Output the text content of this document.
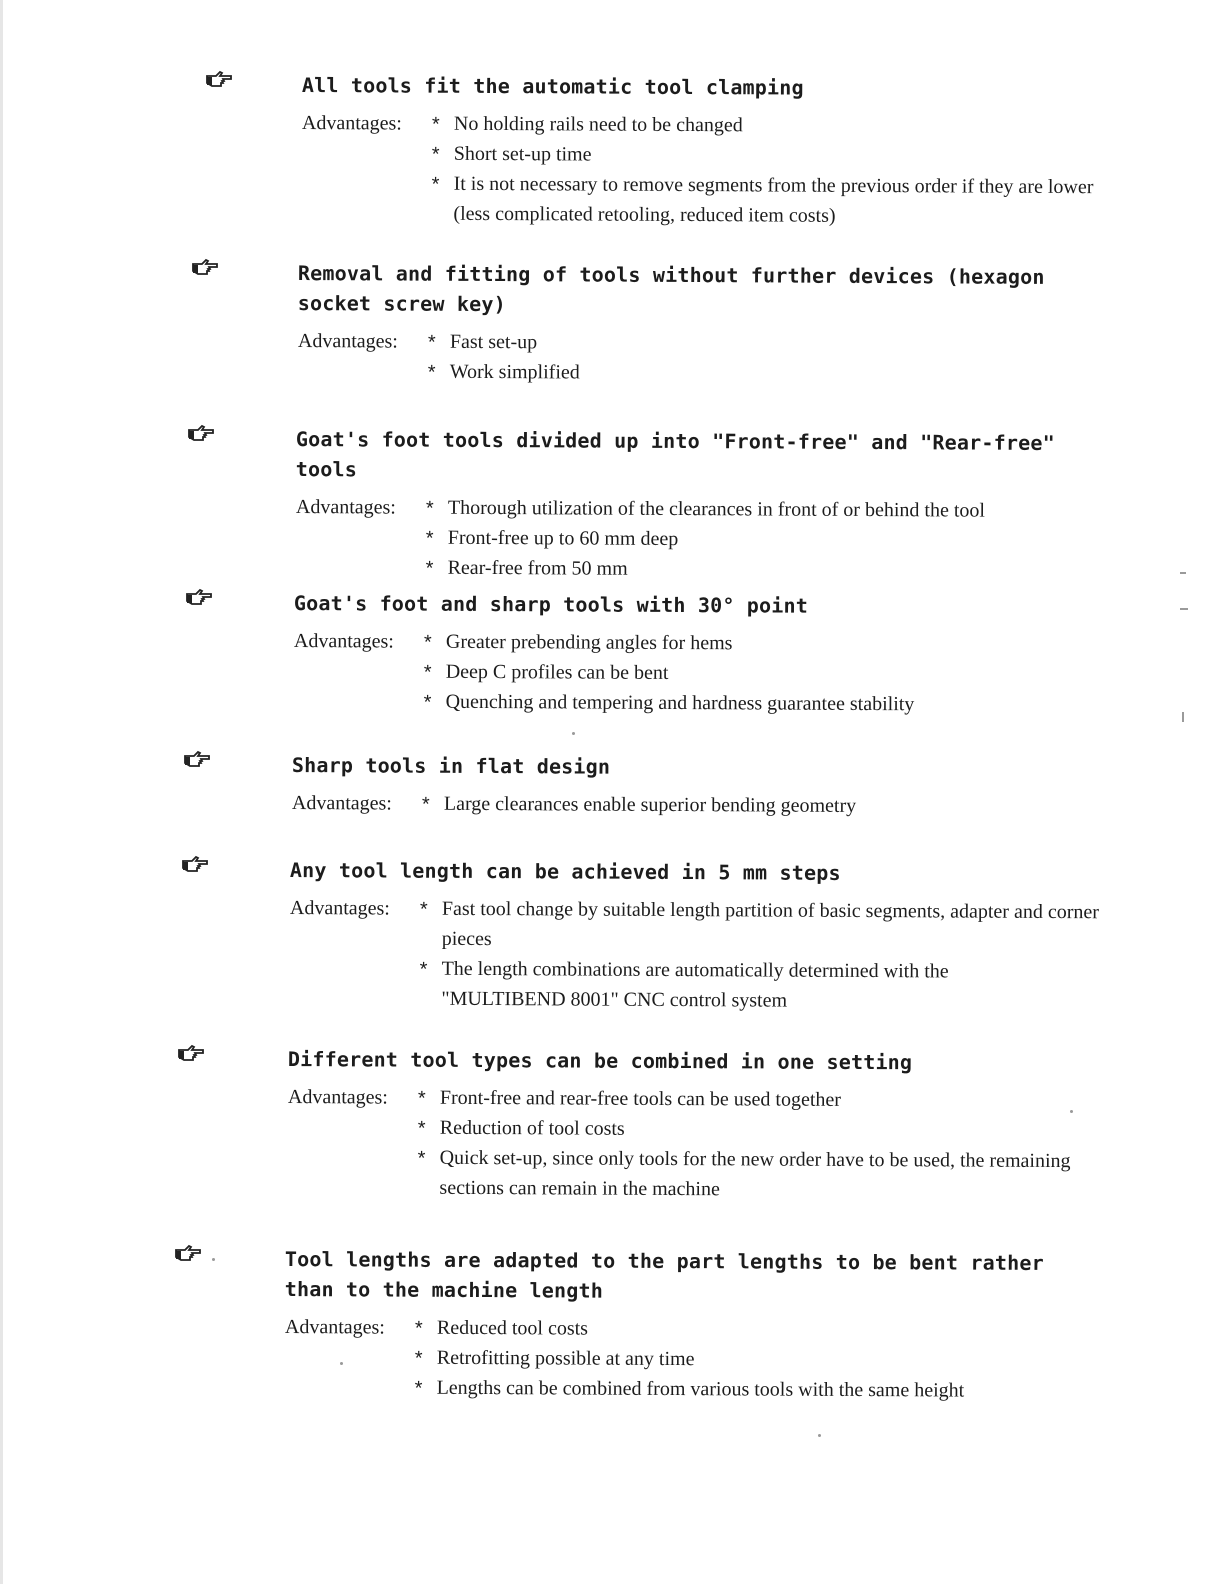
All tools fit the automatic tool clamping
Advantages:	* No holding rails need to be changed
* Short set-up time
* It is not necessary to remove segments from the previous order if they are lower (less complicated retooling, reduced item costs)
Removal and fitting of tools without further devices (hexagon socket screw key)
Advantages:	* Fast set-up
* Work simplified
Goat's foot tools divided up into "Front-free" and "Rear-free" tools
Advantages:	* Thorough utilization of the clearances in front of or behind the tool
* Front-free up to 60 mm deep
* Rear-free from 50 mm
Goat's foot and sharp tools with 30° point
Advantages:	* Greater prebending angles for hems
* Deep C profiles can be bent
* Quenching and tempering and hardness guarantee stability
Sharp tools in flat design
Advantages:	* Large clearances enable superior bending geometry
Any tool length can be achieved in 5 mm steps
Advantages:	* Fast tool change by suitable length partition of basic segments, adapter and corner pieces
* The length combinations are automatically determined with the "MULTIBEND 8001" CNC control system
Different tool types can be combined in one setting
Advantages:	* Front-free and rear-free tools can be used together
* Reduction of tool costs
* Quick set-up, since only tools for the new order have to be used, the remaining sections can remain in the machine
Tool lengths are adapted to the part lengths to be bent rather than to the machine length
Advantages:	* Reduced tool costs
* Retrofitting possible at any time
* Lengths can be combined from various tools with the same height
